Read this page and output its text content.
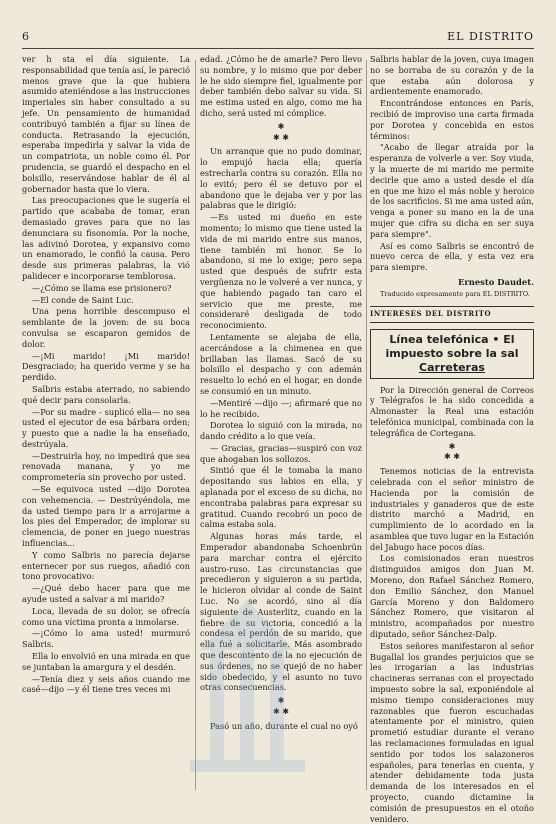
6	EL DISTRITO

ver h sta el día siguiente. La responsabilidad que tenía así, le pareció menos grave que la que hubiera asumido ateniéndose a las instrucciones imperiales sin haber consultado a su jefe. Un pensamiento de humanidad contribuyó también a fijar su línea de conducta. Retrasando la ejecución, esperaba impedirla y salvar la vida de un compatriota, un noble como él. Por prudencia, se guardó el despacho en el bolsillo, reservándose hablar de él al gobernador hasta que lo viera.

Las preocupaciones que le sugería el partido que acababa de tomar, eran demasiado graves para que no las denunciara su fisonomía. Por la noche, las adivinó Dorotea, y expansivo como un enamorado, le confió la causa. Pero desde sus primeras palabras, la vió palidecer e incorporarse temblorosa.

—¿Cómo se llama ese prisionero?

—El conde de Saint Luc.

Una pena horrible descompuso el semblante de la joven: de su boca convulsa se escaparon gemidos de dolor.

—¡Mi marido! ¡Mi marido! Desgraciado; ha querido verme y se ha perdido.

Salbris estaba aterrado, no sabiendo qué decir para consolarla.

—Por su madre - suplicó ella— no sea usted el ejecutor de esa bárbara orden; y puesto que a nadie la ha enseñado, destrúyala.

—Destruirla hoy, no impedirá que sea renovada manana, y yo me comprometería sin provecho por usted.

—Se equivoca usted —dijo Dorotea con vehemencia. — Destrúyéndola, me da usted tiempo para ir a arrojarme a los pies del Emperador, de implorar su clemencia, de poner en juego nuestras influencias...

Y como Salbris no parecía dejarse enternecer por sus ruegos, añadió con tono provocativo:

—¿Qué debo hacer para que me ayude usted a salvar a mi marido?

Loca, llevada de su dolor, se ofrecía como una víctima pronta a inmolarse.

—¡Cómo lo ama usted! murmuró Salbris.

Ella lo envolvió en una mirada en que se juntaban la amargura y el desdén.

—Tenía diez y seis años cuando me casé—dijo —y él tiene tres veces mi

edad. ¿Cómo he de amarle? Pero llevo su nombre, y lo mismo que por deber le he sido siempre fiel, igualmente por deber también debo salvar su vida. Si me estima usted en algo, como me ha dicho, será usted mi cómplice.

✱
✱ ✱

Un arranque que no pudo dominar, lo empujó hacia ella; quería estrecharla contra su corazón. Ella no lo evitó; pero él se detuvo por el abandono que le dejaba ver y por las palabras que le dirigió:

—Es usted mi dueño en este momento; lo mismo que tiene usted la vida de mi marido entre sus manos, tiene también mi honor. Se lo abandono, si me lo exige; pero sepa usted que después de sufrir esta vergüenza no le volveré a ver nunca, y que habiendo pagado tan caro el servicio que me preste, me consideraré desligada de todo reconocimiento.

Lentamente se alejaba de ella, acercándose a la chimenea en que brillaban las llamas. Sacó de su bolsillo el despacho y con ademán resuelto lo echó en el hogar, en donde se consumió en un minuto.

—Mentiré —dijo —; afirmaré que no lo he recibido.

Dorotea lo siguió con la mirada, no dando crédito a lo que veía.

— Gracias, gracias—suspiró con voz que ahogaban los sollozos.

Sintió que él le tomaba la mano depositando sus labios en ella, y aplanada por el exceso de su dicha, no encontraba palabras para expresar su gratitud. Cuando recobró un poco de calma estaba sola.

Algunas horas más tarde, el Emperador abandonaba Schoenbrün para marchar contra el ejército austro-ruso. Las circunstancias que precedieron y siguieron a su partida, le hicieron olvidar al conde de Saint Luc. No se acordó, sino al día siguiente de Austerlitz, cuando en la fiebre de su victoria, concedió a la condesa el perdón de su marido, que ella fué a solicitarle. Más asombrado que descontento de la no ejecución de sus órdenes, no se quejó de no haber sido obedecido, y el asunto no tuvo otras consecuencias.

✱
✱ ✱

Pasó un año, durante el cual no oyó

Salbris hablar de la joven, cuya imagen no se borraba de su corazón y de la que estaba aún dolorosa y ardientemente enamorado.

Encontrándose entonces en París, recibió de improviso una carta firmada por Dorotea y concebida en estos términos:

"Acabo de llegar atraída por la esperanza de volverle a ver. Soy viuda, y la muerte de mi marido me permite decirle que amo a usted desde el día en que me hizo el más noble y heroico de los sacrificios. Si me ama usted aún, venga a poner su mano en la de una mujer que cifra su dicha en ser suya para siempre".

Así es como Salbris se encontró de nuevo cerca de ella, y esta vez era para siempre.

Ernesto Daudet.
Traducido expresamente para EL DISTRITO.
INTERESES DEL DISTRITO
Línea telefónica • El impuesto sobre la sal
Carreteras

Por la Dirección general de Correos y Telégrafos le ha sido concedida a Almonaster la Real una estación telefónica municipal, combinada con la telegráfica de Cortegana.

✱
✱ ✱

Tenemos noticias de la entrevista celebrada con el señor ministro de Hacienda por la comisión de industriales y ganaderos que de este distrito marchó a Madrid, en cumplimiento de lo acordado en la asamblea que tuvo lugar en la Estación del Jabugo hace pocos días.

Los comisionados eran nuestros distinguidos amigos don Juan M. Moreno, don Rafael Sánchez Romero, don Emilio Sánchez, don Manuel García Moreno y don Baldomero Sánchez Romero, que visitaron al ministro, acompañados por nuestro diputado, señor Sánchez-Dalp.

Estos señores manifestaron al señor Bugallal los grandes perjuicios que se les irrogarían a las industrias chacineras serranas con el proyectado impuesto sobre la sal, exponiéndole al mismo tiempo consideraciones muy razonables que fueron escuchadas atentamente por el ministro, quien prometió estudiar durante el verano las reclamaciones formuladas en igual sentido por todos los salazoneros españoles, para tenerlas en cuenta, y atender debidamente toda justa demanda de los interesados en el proyecto, cuando dictamine la comisión de presupuestos en el otoño venidero.
